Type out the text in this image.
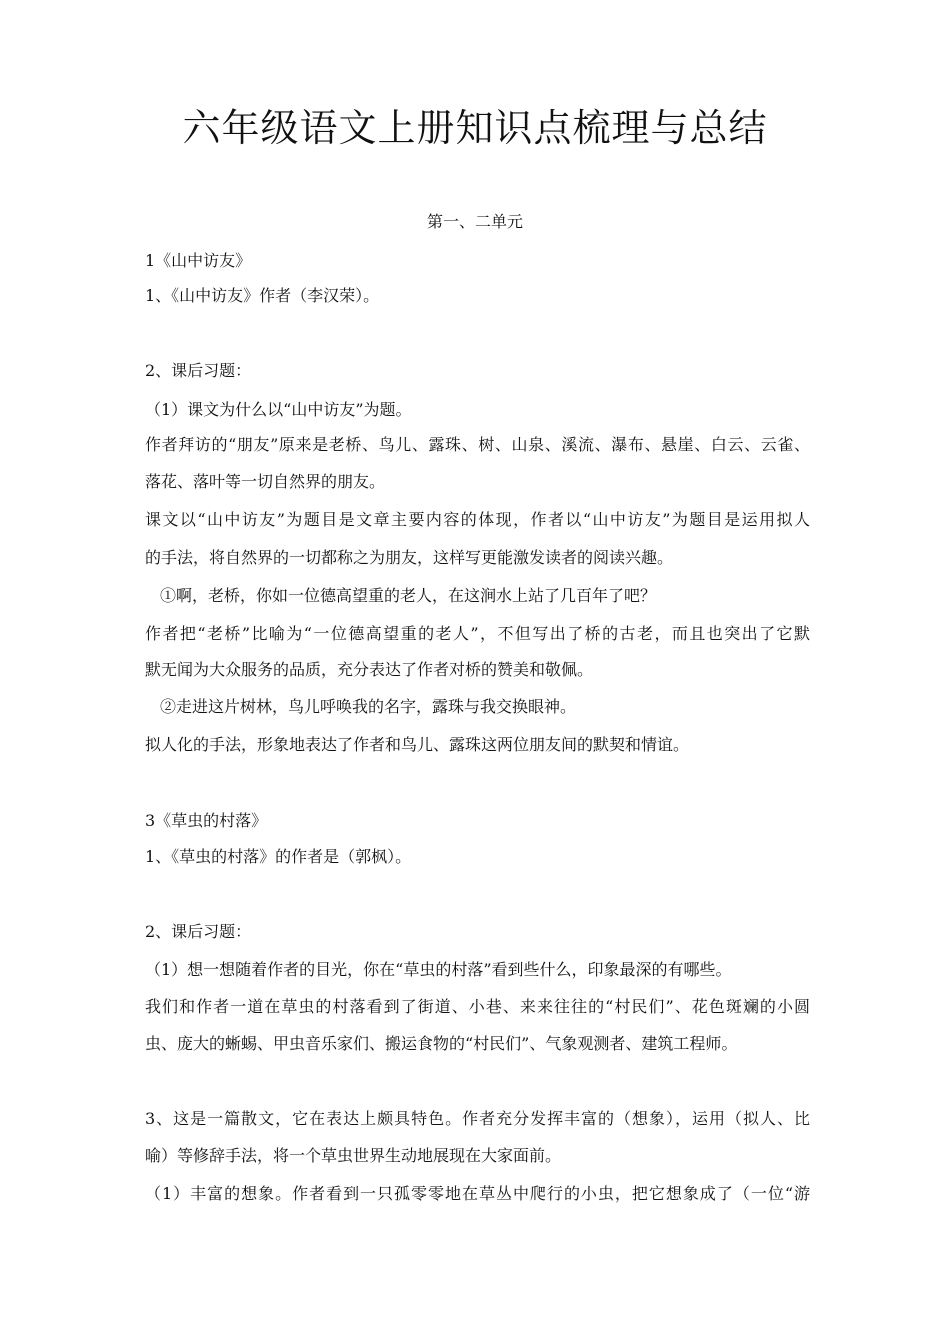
六年级语文上册知识点梳理与总结
第一、二单元
1《山中访友》
1、《山中访友》作者（李汉荣）。
2、课后习题：
（1）课文为什么以“山中访友”为题。
作者拜访的“朋友”原来是老桥、鸟儿、露珠、树、山泉、溪流、瀑布、悬崖、白云、云雀、
落花、落叶等一切自然界的朋友。
课文以“山中访友”为题目是文章主要内容的体现，作者以“山中访友”为题目是运用拟人
的手法，将自然界的一切都称之为朋友，这样写更能激发读者的阅读兴趣。
①啊，老桥，你如一位德高望重的老人，在这涧水上站了几百年了吧？
作者把“老桥”比喻为“一位德高望重的老人”，不但写出了桥的古老，而且也突出了它默
默无闻为大众服务的品质，充分表达了作者对桥的赞美和敬佩。
②走进这片树林，鸟儿呼唤我的名字，露珠与我交换眼神。
拟人化的手法，形象地表达了作者和鸟儿、露珠这两位朋友间的默契和情谊。
3《草虫的村落》
1、《草虫的村落》的作者是（郭枫）。
2、课后习题：
（1）想一想随着作者的目光，你在“草虫的村落”看到些什么，印象最深的有哪些。
我们和作者一道在草虫的村落看到了街道、小巷、来来往往的“村民们”、花色斑斓的小圆
虫、庞大的蜥蜴、甲虫音乐家们、搬运食物的“村民们”、气象观测者、建筑工程师。
3、这是一篇散文，它在表达上颇具特色。作者充分发挥丰富的（想象），运用（拟人、比
喻）等修辞手法，将一个草虫世界生动地展现在大家面前。
（1）丰富的想象。作者看到一只孤零零地在草丛中爬行的小虫，把它想象成了（一位“游
